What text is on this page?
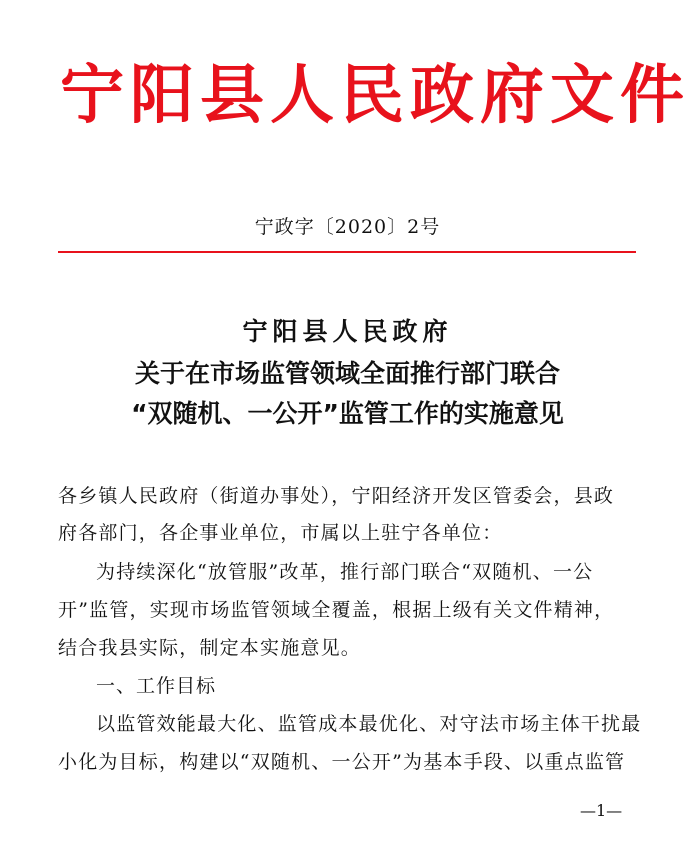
宁阳县人民政府文件
宁政字〔2020〕2号
宁阳县人民政府
关于在市场监管领域全面推行部门联合
“双随机、一公开”监管工作的实施意见
各乡镇人民政府（街道办事处），宁阳经济开发区管委会，县政
府各部门，各企事业单位，市属以上驻宁各单位：
为持续深化“放管服”改革，推行部门联合“双随机、一公
开”监管，实现市场监管领域全覆盖，根据上级有关文件精神，
结合我县实际，制定本实施意见。
一、工作目标
以监管效能最大化、监管成本最优化、对守法市场主体干扰最
小化为目标，构建以“双随机、一公开”为基本手段、以重点监管
—1—
